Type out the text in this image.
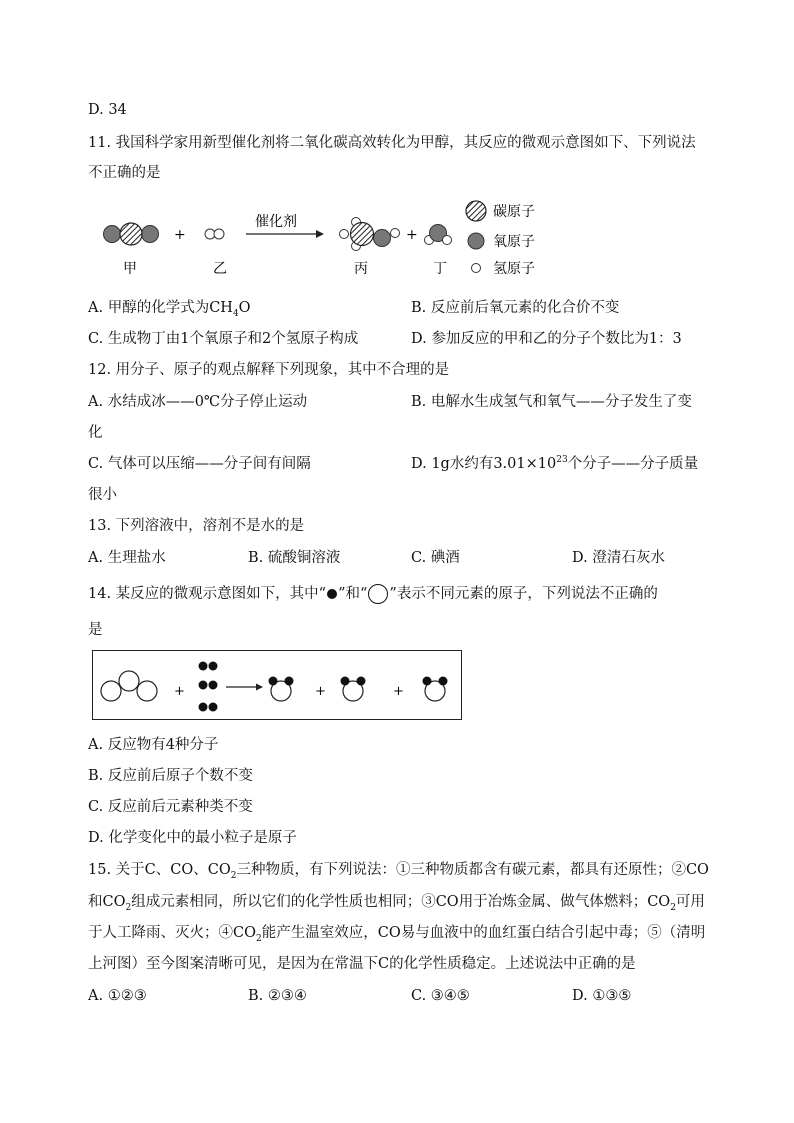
D. 34
11. 我国科学家用新型催化剂将二氧化碳高效转化为甲醇，其反应的微观示意图如下、下列说法
不正确的是
+
催化剂
+
甲	乙	丙	丁
碳原子
氧原子
氢原子
A. 甲醇的化学式为$CH_4O$	B. 反应前后氧元素的化合价不变
C. 生成物丁由1个氧原子和2个氢原子构成	D. 参加反应的甲和乙的分子个数比为1：3
12. 用分子、原子的观点解释下列现象，其中不合理的是
A. 水结成冰——0℃分子停止运动	B. 电解水生成氢气和氧气——分子发生了变
化
C. 气体可以压缩——分子间有间隔	D. 1g水约有$3.01\times 10^{23}$个分子——分子质量
很小
13. 下列溶液中，溶剂不是水的是
A. 生理盐水	B. 硫酸铜溶液	C. 碘酒	D. 澄清石灰水
14. 某反应的微观示意图如下，其中“ ”和“ ”表示不同元素的原子，下列说法不正确的
是
+	+	+
A. 反应物有4种分子
B. 反应前后原子个数不变
C. 反应前后元素种类不变
D. 化学变化中的最小粒子是原子
15. 关于C、CO、$CO_2$三种物质，有下列说法：①三种物质都含有碳元素，都具有还原性；②CO
和$CO_2$组成元素相同，所以它们的化学性质也相同；③CO用于冶炼金属、做气体燃料；$CO_2$可用
于人工降雨、灭火；$④CO_2$能产生温室效应，CO易与血液中的血红蛋白结合引起中毒；⑤（清明
上河图）至今图案清晰可见，是因为在常温下C的化学性质稳定。上述说法中正确的是
A. ①②③	B. ②③④	C. ③④⑤	D. ①③⑤
